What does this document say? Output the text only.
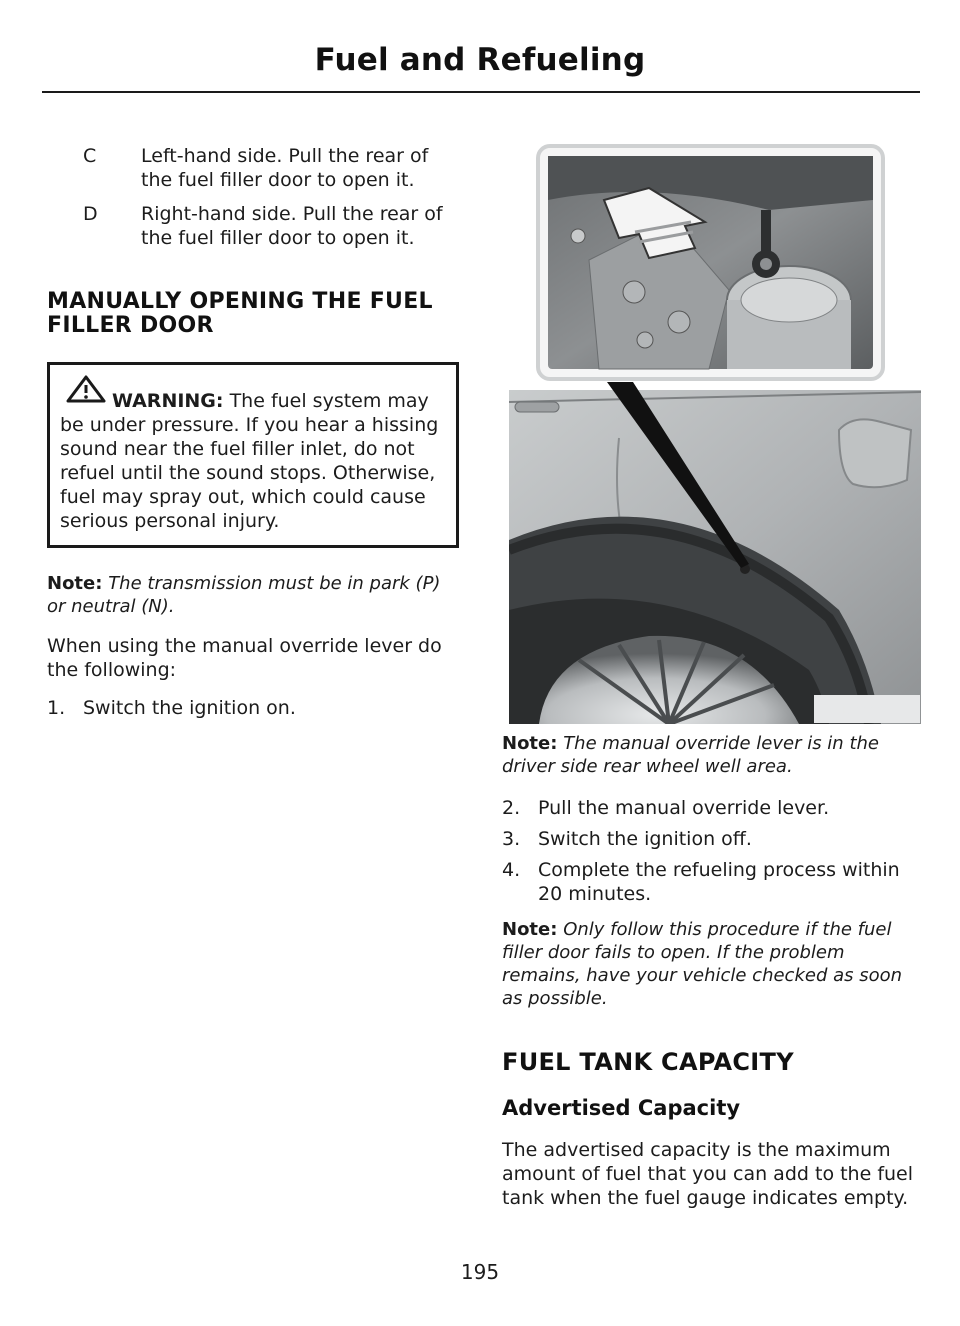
Fuel and Refueling
C Left-hand side. Pull the rear of the fuel filler door to open it.
D Right-hand side. Pull the rear of the fuel filler door to open it.
MANUALLY OPENING THE FUEL FILLER DOOR
WARNING: The fuel system may be under pressure. If you hear a hissing sound near the fuel filler inlet, do not refuel until the sound stops. Otherwise, fuel may spray out, which could cause serious personal injury.

Note: The transmission must be in park (P) or neutral (N).

When using the manual override lever do the following:

1. Switch the ignition on.	E000000

Note: The manual override lever is in the driver side rear wheel well area.

2. Pull the manual override lever.

3. Switch the ignition off.

4. Complete the refueling process within 20 minutes.

Note: Only follow this procedure if the fuel filler door fails to open. If the problem remains, have your vehicle checked as soon as possible.

FUEL TANK CAPACITY
Advertised Capacity

The advertised capacity is the maximum amount of fuel that you can add to the fuel tank when the fuel gauge indicates empty.

195
